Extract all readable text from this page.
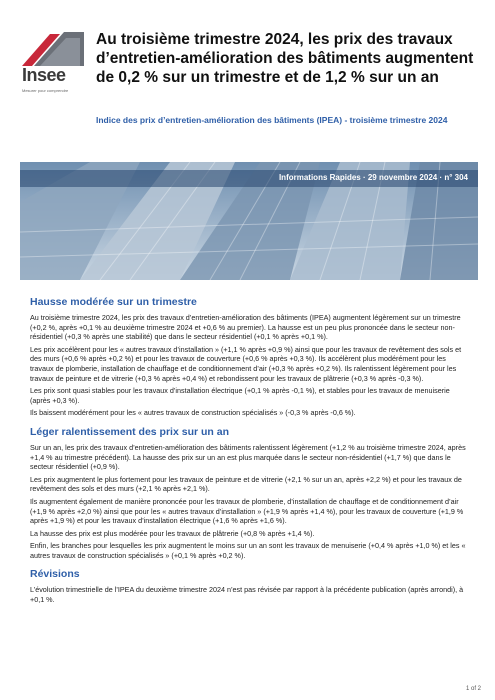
Insee
Mesurer pour comprendre
Au troisième trimestre 2024, les prix des travaux d’entretien-amélioration des bâtiments augmentent de 0,2 % sur un trimestre et de 1,2 % sur un an

Indice des prix d’entretien-amélioration des bâtiments (IPEA) - troisième trimestre 2024

Informations Rapides · 29 novembre 2024 · n° 304
Hausse modérée sur un trimestre

Au troisième trimestre 2024, les prix des travaux d’entretien-amélioration des bâtiments (IPEA) augmentent légèrement sur un trimestre (+0,2 %, après +0,1 % au deuxième trimestre 2024 et +0,6 % au premier). La hausse est un peu plus prononcée dans le secteur non-résidentiel (+0,3 % après une stabilité) que dans le secteur résidentiel (+0,1 % après +0,1 %).

Les prix accélèrent pour les « autres travaux d’installation » (+1,1 % après +0,9 %) ainsi que pour les travaux de revêtement des sols et des murs (+0,6 % après +0,2 %) et pour les travaux de couverture (+0,6 % après +0,3 %). Ils accélèrent plus modérément pour les travaux de plomberie, installation de chauffage et de conditionnement d’air (+0,3 % après +0,2 %). Ils ralentissent légèrement pour les travaux de peinture et de vitrerie (+0,3 % après +0,4 %) et rebondissent pour les travaux de plâtrerie (+0,3 % après -0,3 %).

Les prix sont quasi stables pour les travaux d’installation électrique (+0,1 % après -0,1 %), et stables pour les travaux de menuiserie (après +0,3 %).

Ils baissent modérément pour les « autres travaux de construction spécialisés » (-0,3 % après -0,6 %).

Léger ralentissement des prix sur un an

Sur un an, les prix des travaux d’entretien-amélioration des bâtiments ralentissent légèrement (+1,2 % au troisième trimestre 2024, après +1,4 % au trimestre précédent). La hausse des prix sur un an est plus marquée dans le secteur non-résidentiel (+1,7 %) que dans le secteur résidentiel (+0,9 %).

Les prix augmentent le plus fortement pour les travaux de peinture et de vitrerie (+2,1 % sur un an, après +2,2 %) et pour les travaux de revêtement des sols et des murs (+2,1 % après +2,1 %).

Ils augmentent également de manière prononcée pour les travaux de plomberie, d’installation de chauffage et de conditionnement d’air (+1,9 % après +2,0 %) ainsi que pour les « autres travaux d’installation » (+1,9 % après +1,4 %), pour les travaux de couverture (+1,9 % après +1,9 %) et pour les travaux d’installation électrique (+1,6 % après +1,6 %).

La hausse des prix est plus modérée pour les travaux de plâtrerie (+0,8 % après +1,4 %).

Enfin, les branches pour lesquelles les prix augmentent le moins sur un an sont les travaux de menuiserie (+0,4 % après +1,0 %) et les « autres travaux de construction spécialisés » (+0,1 % après +0,2 %).

Révisions

L’évolution trimestrielle de l’IPEA du deuxième trimestre 2024 n’est pas révisée par rapport à la précédente publication (après arrondi), à +0,1 %.

1 of 2
